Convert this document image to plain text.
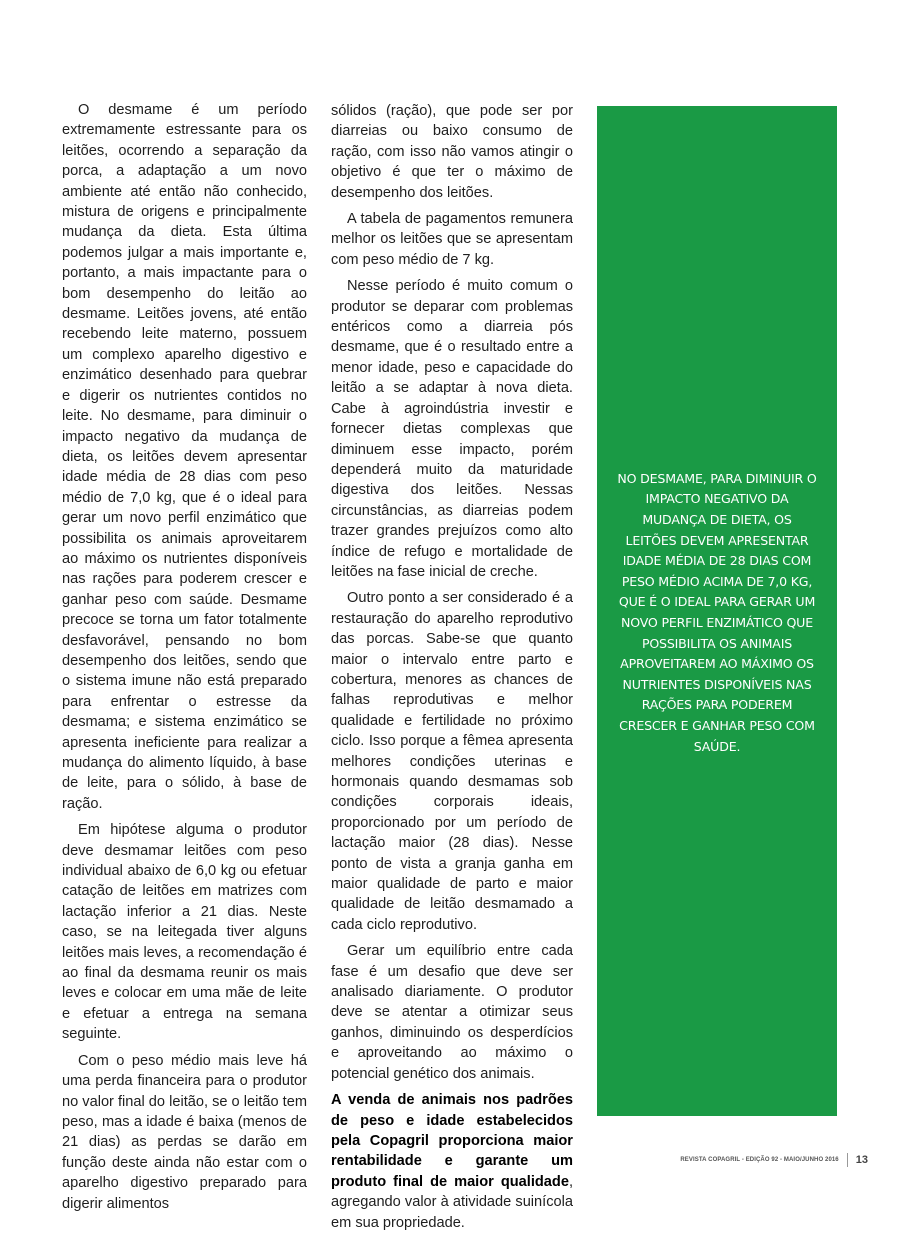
O desmame é um período extremamente estressante para os leitões, ocorrendo a separação da porca, a adaptação a um novo ambiente até então não conhecido, mistura de origens e principalmente mudança da dieta. Esta última podemos julgar a mais importante e, portanto, a mais impactante para o bom desempenho do leitão ao desmame. Leitões jovens, até então recebendo leite materno, possuem um complexo aparelho digestivo e enzimático desenhado para quebrar e digerir os nutrientes contidos no leite. No desmame, para diminuir o impacto negativo da mudança de dieta, os leitões devem apresentar idade média de 28 dias com peso médio de 7,0 kg, que é o ideal para gerar um novo perfil enzimático que possibilita os animais aproveitarem ao máximo os nutrientes disponíveis nas rações para poderem crescer e ganhar peso com saúde. Desmame precoce se torna um fator totalmente desfavorável, pensando no bom desempenho dos leitões, sendo que o sistema imune não está preparado para enfrentar o estresse da desmama; e sistema enzimático se apresenta ineficiente para realizar a mudança do alimento líquido, à base de leite, para o sólido, à base de ração.

Em hipótese alguma o produtor deve desmamar leitões com peso individual abaixo de 6,0 kg ou efetuar catação de leitões em matrizes com lactação inferior a 21 dias. Neste caso, se na leitegada tiver alguns leitões mais leves, a recomendação é ao final da desmama reunir os mais leves e colocar em uma mãe de leite e efetuar a entrega na semana seguinte.

Com o peso médio mais leve há uma perda financeira para o produtor no valor final do leitão, se o leitão tem peso, mas a idade é baixa (menos de 21 dias) as perdas se darão em função deste ainda não estar com o aparelho digestivo preparado para digerir alimentos

sólidos (ração), que pode ser por diarreias ou baixo consumo de ração, com isso não vamos atingir o objetivo é que ter o máximo de desempenho dos leitões.

A tabela de pagamentos remunera melhor os leitões que se apresentam com peso médio de 7 kg.

Nesse período é muito comum o produtor se deparar com problemas entéricos como a diarreia pós desmame, que é o resultado entre a menor idade, peso e capacidade do leitão a se adaptar à nova dieta. Cabe à agroindústria investir e fornecer dietas complexas que diminuem esse impacto, porém dependerá muito da maturidade digestiva dos leitões. Nessas circunstâncias, as diarreias podem trazer grandes prejuízos como alto índice de refugo e mortalidade de leitões na fase inicial de creche.

Outro ponto a ser considerado é a restauração do aparelho reprodutivo das porcas. Sabe-se que quanto maior o intervalo entre parto e cobertura, menores as chances de falhas reprodutivas e melhor qualidade e fertilidade no próximo ciclo. Isso porque a fêmea apresenta melhores condições uterinas e hormonais quando desmamas sob condições corporais ideais, proporcionado por um período de lactação maior (28 dias). Nesse ponto de vista a granja ganha em maior qualidade de parto e maior qualidade de leitão desmamado a cada ciclo reprodutivo.

Gerar um equilíbrio entre cada fase é um desafio que deve ser analisado diariamente. O produtor deve se atentar a otimizar seus ganhos, diminuindo os desperdícios e aproveitando ao máximo o potencial genético dos animais.

A venda de animais nos padrões de peso e idade estabelecidos pela Copagril proporciona maior rentabilidade e garante um produto final de maior qualidade, agregando valor à atividade suinícola em sua propriedade.

NO DESMAME, PARA DIMINUIR O IMPACTO NEGATIVO DA MUDANÇA DE DIETA, OS LEITÕES DEVEM APRESENTAR IDADE MÉDIA DE 28 DIAS COM PESO MÉDIO ACIMA DE 7,0 KG, QUE É O IDEAL PARA GERAR UM NOVO PERFIL ENZIMÁTICO QUE POSSIBILITA OS ANIMAIS APROVEITAREM AO MÁXIMO OS NUTRIENTES DISPONÍVEIS NAS RAÇÕES PARA PODEREM CRESCER E GANHAR PESO COM SAÚDE.
REVISTA COPAGRIL - EDIÇÃO 92 - MAIO/JUNHO 2016 13
